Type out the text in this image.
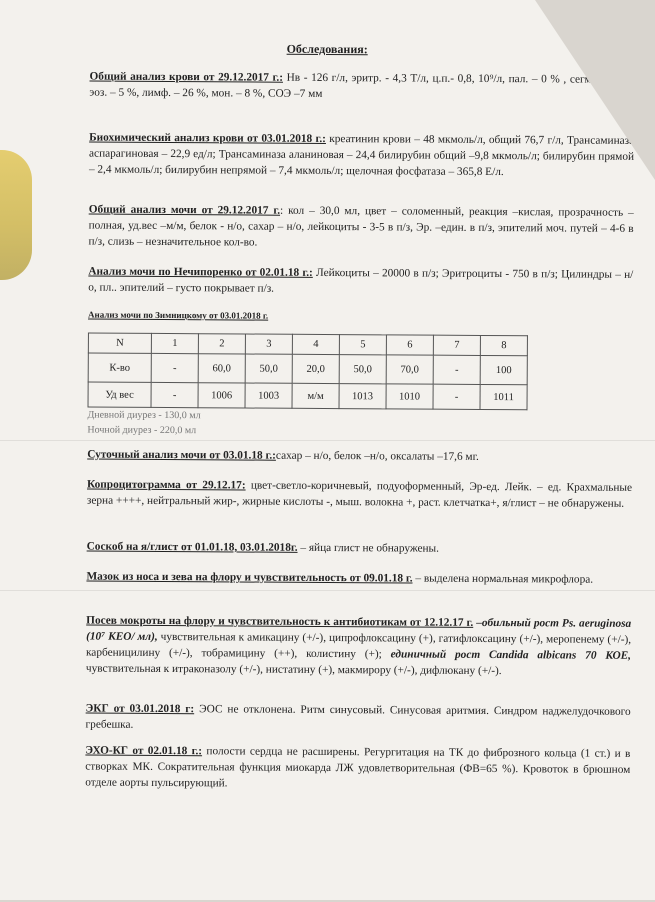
Обследования:
Общий анализ крови от 29.12.2017 г.: Нв - 126 г/л, эритр. - 4,3 Т/л, ц.п.- 0,8, 10⁹/л, пал. – 0 % , сегм. – 61 %, эоз. – 5 %, лимф. – 26 %, мон. – 8 %, СОЭ –7 мм
Биохимический анализ крови от 03.01.2018 г.: креатинин крови – 48 мкмоль/л, общий 76,7 г/л, Трансаминаза аспарагиновая – 22,9 ед/л; Трансаминаза аланиновая – 24,4 билирубин общий –9,8 мкмоль/л; билирубин прямой – 2,4 мкмоль/л; билирубин непрямой – 7,4 мкмоль/л; щелочная фосфатаза – 365,8 Е/л.
Общий анализ мочи от 29.12.2017 г.: кол – 30,0 мл, цвет – соломенный, реакция –кислая, прозрачность – полная, уд.вес –м/м, белок - н/о, сахар – н/о, лейкоциты - 3-5 в п/з, Эр. –един. в п/з, эпителий моч. путей – 4-6 в п/з, слизь – незначительное кол-во.
Анализ мочи по Нечипоренко от 02.01.18 г.: Лейкоциты – 20000 в п/з; Эритроциты - 750 в п/з; Цилиндры – н/о, пл.. эпителий – густо покрывает п/з.
Анализ мочи по Зимницкому от 03.01.2018 г.
N	1	2	3	4	5	6	7	8
К-во	-	60,0	50,0	20,0	50,0	70,0	-	100
Уд вес	-	1006	1003	м/м	1013	1010	-	1011
Дневной диурез - 130,0 мл
Ночной диурез - 220,0 мл
Суточный анализ мочи от 03.01.18 г.:сахар – н/о, белок –н/о, оксалаты –17,6 мг.
Копроцитограмма от 29.12.17: цвет-светло-коричневый, подуоформенный, Эр-ед. Лейк. – ед. Крахмальные зерна ++++, нейтральный жир-, жирные кислоты -, мыш. волокна +, раст. клетчатка+, я/глист – не обнаружены.
Соскоб на я/глист от 01.01.18, 03.01.2018г. – яйца глист не обнаружены.
Мазок из носа и зева на флору и чувствительность от 09.01.18 г. – выделена нормальная микрофлора.
Посев мокроты на флору и чувствительность к антибиотикам от 12.12.17 г. –обильный рост Ps. aeruginosa (10⁷ КЕО/ мл), чувствительная к амикацину (+/-), ципрофлоксацину (+), гатифлоксацину (+/-), меропенему (+/-), карбеницилину (+/-), тобрамицину (++), колистину (+); единичный рост Candida albicans 70 КОЕ, чувствительная к итраконазолу (+/-), нистатину (+), макмирору (+/-), дифлюкану (+/-).
ЭКГ от 03.01.2018 г: ЭОС не отклонена. Ритм синусовый. Синусовая аритмия. Синдром наджелудочкового гребешка.
ЭХО-КГ от 02.01.18 г.: полости сердца не расширены. Регургитация на ТК до фиброзного кольца (1 ст.) и в створках МК. Сократительная функция миокарда ЛЖ удовлетворительная (ФВ=65 %). Кровоток в брюшном отделе аорты пульсирующий.
